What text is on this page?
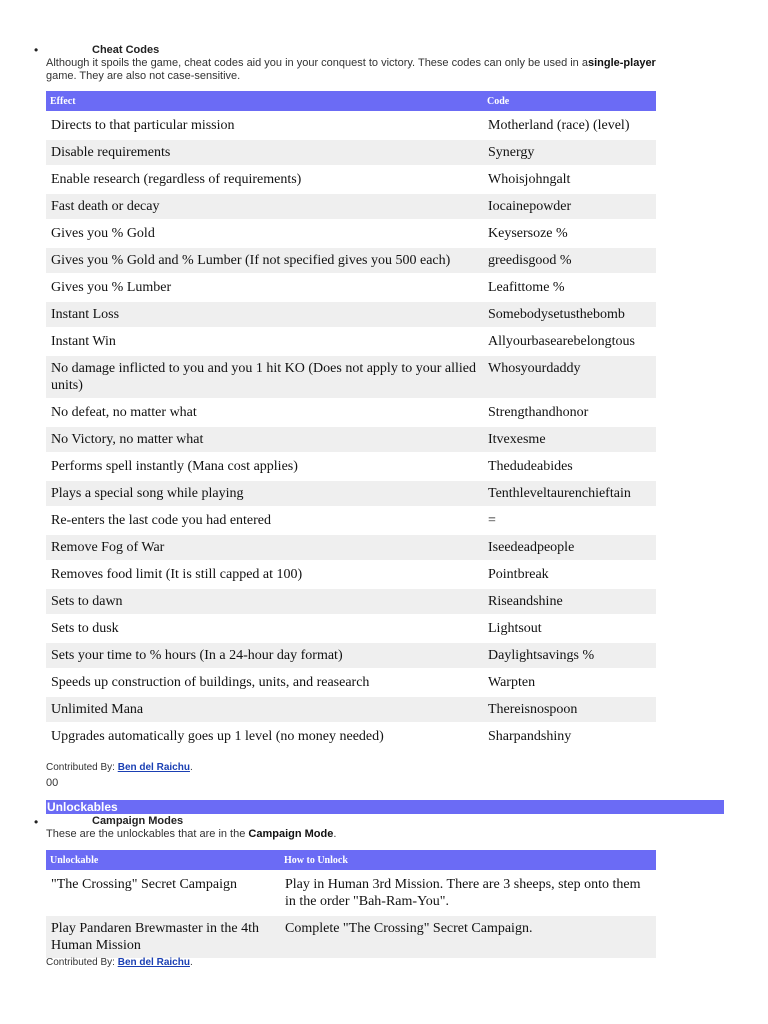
•	Cheat Codes
Although it spoils the game, cheat codes aid you in your conquest to victory. These codes can only be used in asingle-player game. They are also not case-sensitive.
Effect	Code
Directs to that particular mission	Motherland (race) (level)
Disable requirements	Synergy
Enable research (regardless of requirements)	Whoisjohngalt
Fast death or decay	Iocainepowder
Gives you % Gold	Keysersoze %
Gives you % Gold and % Lumber (If not specified gives you 500 each)	greedisgood %
Gives you % Lumber	Leafittome %
Instant Loss	Somebodysetusthebomb
Instant Win	Allyourbasearebelongtous
No damage inflicted to you and you 1 hit KO (Does not apply to your allied units)	Whosyourdaddy
No defeat, no matter what	Strengthandhonor
No Victory, no matter what	Itvexesme
Performs spell instantly (Mana cost applies)	Thedudeabides
Plays a special song while playing	Tenthleveltaurenchieftain
Re-enters the last code you had entered	=
Remove Fog of War	Iseedeadpeople
Removes food limit (It is still capped at 100)	Pointbreak
Sets to dawn	Riseandshine
Sets to dusk	Lightsout
Sets your time to % hours (In a 24-hour day format)	Daylightsavings %
Speeds up construction of buildings, units, and reasearch	Warpten
Unlimited Mana	Thereisnospoon
Upgrades automatically goes up 1 level (no money needed)	Sharpandshiny
Contributed By: Ben del Raichu.
00
Unlockables
•	Campaign Modes
These are the unlockables that are in the Campaign Mode.
Unlockable	How to Unlock
"The Crossing" Secret Campaign	Play in Human 3rd Mission. There are 3 sheeps, step onto them in the order "Bah-Ram-You".
Play Pandaren Brewmaster in the 4th Human Mission	Complete "The Crossing" Secret Campaign.
Contributed By: Ben del Raichu.
